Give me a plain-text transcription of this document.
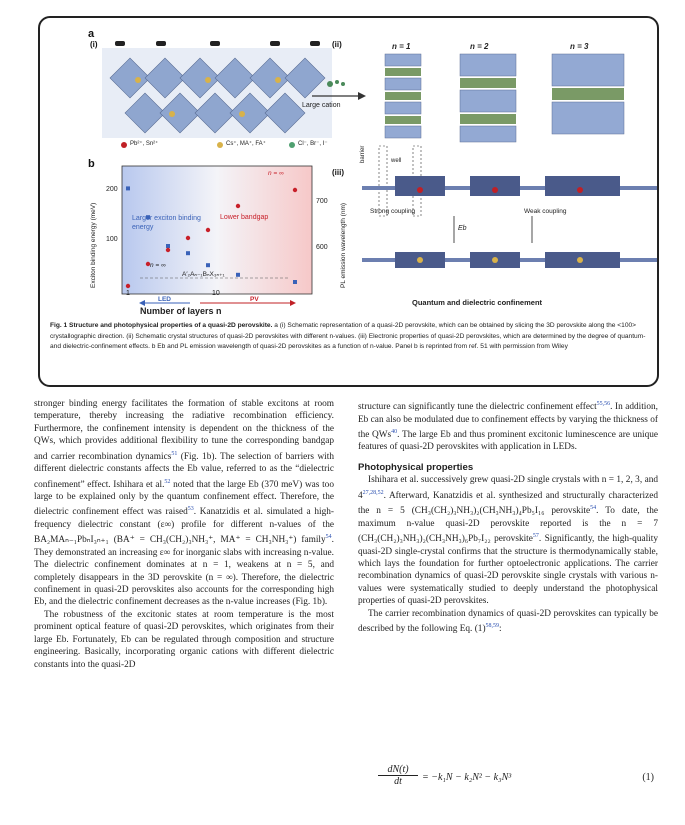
a
(i)	(ii)
(iii)
b
Pb²⁺, Sn²⁺	Cs⁺, MA⁺, FA⁺	Cl⁻, Br⁻, I⁻
Large cation
n = 1	n = 2	n = 3
barrier	well
Strong coupling	Weak coupling
Eb
Quantum and dielectric confinement
Exciton binding energy (meV)	PL emission wavelength (nm)
200
100
700
600
1	10
Larger exciton binding energy
Lower bandgap
A′₂Aₙ₋₁BₙX₃ₙ₊₁
n = ∞
n = ∞
LED	PV
Number of layers n
Fig. 1 Structure and photophysical properties of a quasi-2D perovskite. a (i) Schematic representation of a quasi-2D perovskite, which can be obtained by slicing the 3D perovskite along the <100> crystallographic direction. (ii) Schematic crystal structures of quasi-2D perovskites with different n-values. (iii) Electronic properties of quasi-2D perovskites, which are determined by the degree of quantum- and dielectric-confinement effects. b Eb and PL emission wavelength of quasi-2D perovskites as a function of n-value. Panel b is reprinted from ref. 51 with permission from Wiley

stronger binding energy facilitates the formation of stable excitons at room temperature, thereby increasing the radiative recombination efficiency. Furthermore, the confinement intensity is dependent on the thickness of the QWs, which provides additional flexibility to tune the corresponding bandgap and carrier recombination dynamics$^{51}$ (Fig. 1b). The selection of barriers with different dielectric constants affects the Eb value, referred to as the “dielectric confinement” effect. Ishihara et al.$^{52}$ noted that the large Eb (370 meV) was too large to be explained only by the quantum confinement effect. Therefore, the dielectric confinement effect was raised$^{53}$. Kanatzidis et al. simulated a high-frequency dielectric constant (ε∞) profile for different n-values of the BA₂MAₙ₋₁PbₙI₃ₙ₊₁ (BA⁺ = CH₃(CH₂)₃NH₃⁺, MA⁺ = CH₃NH₃⁺) family$^{54}$. They demonstrated an increasing ε∞ for inorganic slabs with increasing n-value. The dielectric confinement dominates at n = 1, weakens at n = 5, and completely disappears in the 3D perovskite (n = ∞). Therefore, the dielectric confinement in quasi-2D perovskites also accounts for the corresponding high Eb, and the dielectric confinement decreases as the n-value increases (Fig. 1b).

The robustness of the excitonic states at room temperature is the most prominent optical feature of quasi-2D perovskites, which originates from their large Eb. Fortunately, Eb can be regulated through composition and structure engineering. Basically, incorporating organic cations with different dielectric constants into the quasi-2D

structure can significantly tune the dielectric confinement effect$^{55,56}$. In addition, Eb can also be modulated due to confinement effects by varying the thickness of the QWs$^{40}$. The large Eb and thus prominent excitonic luminescence are unique features of quasi-2D perovskites with application in LEDs.

Photophysical properties

Ishihara et al. successively grew quasi-2D single crystals with n = 1, 2, 3, and 4$^{27,28,52}$. Afterward, Kanatzidis et al. synthesized and structurally characterized the n = 5 (CH₃(CH₂)₃NH₃)₂(CH₃NH₃)₄Pb₅I₁₆ perovskite$^{54}$. To date, the maximum n-value quasi-2D perovskite reported is the n = 7 (CH₃(CH₂)₃NH₃)₂(CH₃NH₃)₆Pb₇I₂₂ perovskite$^{57}$. Significantly, the high-quality quasi-2D single-crystal confirms that the structure is thermodynamically stable, which lays the foundation for further optoelectronic applications. The carrier recombination dynamics of quasi-2D perovskite single crystals with various n-values were systematically studied to deeply understand the photophysical properties of quasi-2D perovskites.

The carrier recombination dynamics of quasi-2D perovskites can typically be described by the following Eq. (1)$^{58,59}$:

$\frac{dN(t)}{dt} = -k_1N - k_2N^2 - k_3N^3$	(1)
